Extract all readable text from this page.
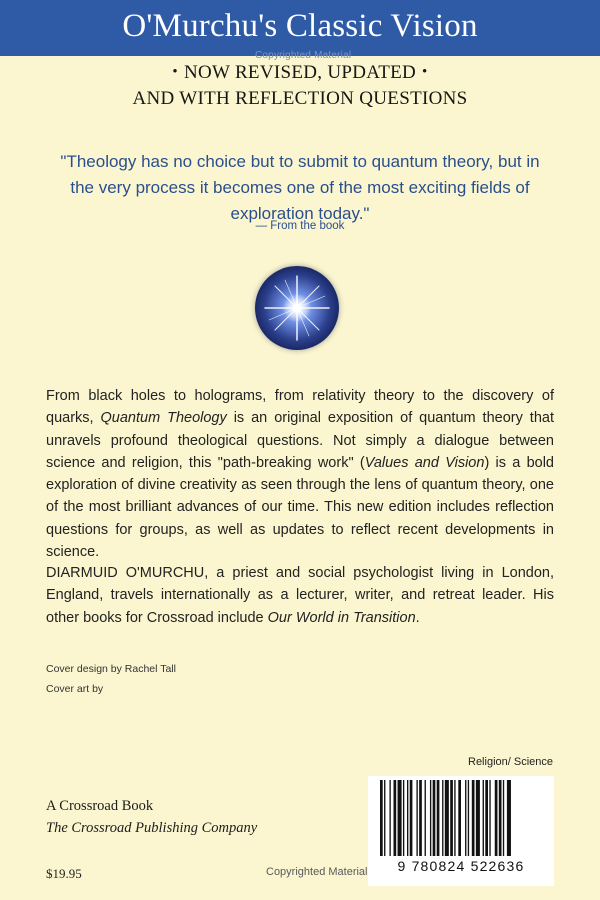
O'Murchu's Classic Vision
Copyrighted Material
• NOW REVISED, UPDATED •
AND WITH REFLECTION QUESTIONS
"Theology has no choice but to submit to quantum theory, but in the very process it becomes one of the most exciting fields of exploration today."
— From the book
From black holes to holograms, from relativity theory to the discovery of quarks, Quantum Theology is an original exposition of quantum theory that unravels profound theological questions. Not simply a dialogue between science and religion, this "path-breaking work" (Values and Vision) is a bold exploration of divine creativity as seen through the lens of quantum theory, one of the most brilliant advances of our time. This new edition includes reflection questions for groups, as well as updates to reflect recent developments in science.
DIARMUID O'MURCHU, a priest and social psychologist living in London, England, travels internationally as a lecturer, writer, and retreat leader. His other books for Crossroad include Our World in Transition.
Cover design by Rachel Tall
Cover art by
Religion/ Science
A Crossroad Book
The Crossroad Publishing Company
$19.95	Copyrighted Material	9 780824 522636
